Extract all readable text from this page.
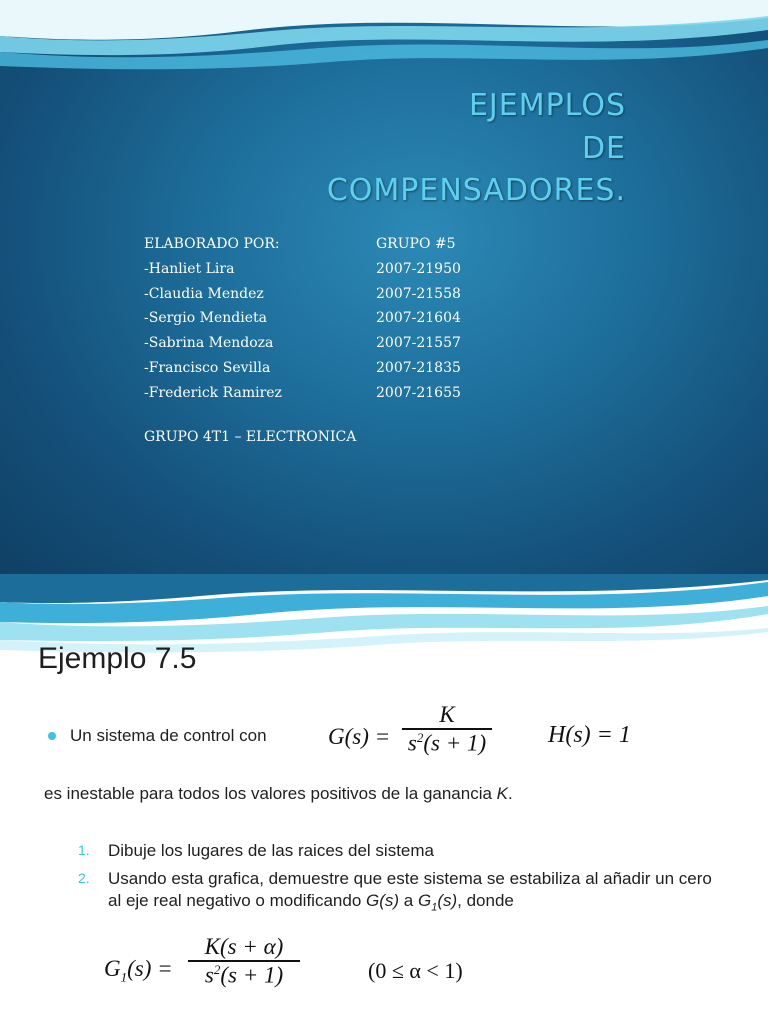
EJEMPLOS
DE
COMPENSADORES.
ELABORADO POR:	GRUPO #5
-Hanliet Lira	2007-21950
-Claudia Mendez	2007-21558
-Sergio Mendieta	2007-21604
-Sabrina Mendoza	2007-21557
-Francisco Sevilla	2007-21835
-Frederick Ramirez	2007-21655
GRUPO 4T1 – ELECTRONICA
Ejemplo 7.5
Un sistema de control con	G(s) =
K
$s^2(s + 1)$	H(s) = 1
es inestable para todos los valores positivos de la ganancia K.
1.	Dibuje los lugares de las raices del sistema
2.	Usando esta grafica, demuestre que este sistema se estabiliza al añadir un cero al eje real negativo o modificando G(s) a $G_1(s)$, donde
$G_1(s)$ =
K(s + α)
$s^2(s + 1)$	(0 ≤ α < 1)
